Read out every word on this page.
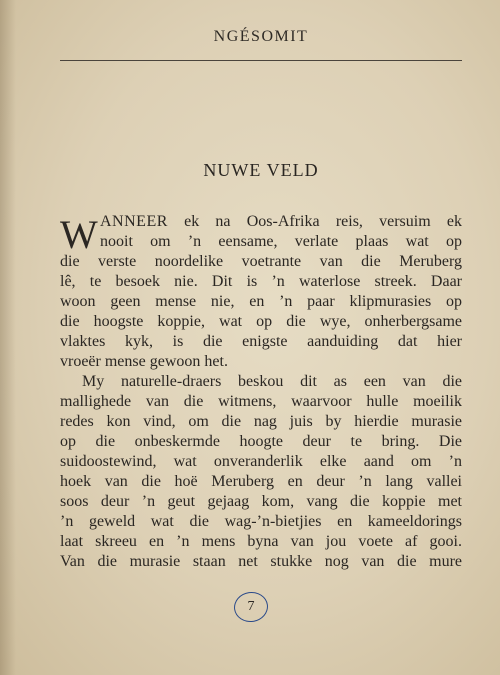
NGÉSOMIT
NUWE VELD
W ANNEER ek na Oos-Afrika reis, versuim ek
nooit om ’n eensame, verlate plaas wat op
die verste noordelike voetrante van die Meruberg
lê, te besoek nie. Dit is ’n waterlose streek. Daar
woon geen mense nie, en ’n paar klipmurasies op
die hoogste koppie, wat op die wye, onherbergsame
vlaktes kyk, is die enigste aanduiding dat hier
vroeër mense gewoon het.
My naturelle-draers beskou dit as een van die
mallighede van die witmens, waarvoor hulle moeilik
redes kon vind, om die nag juis by hierdie murasie
op die onbeskermde hoogte deur te bring. Die
suidoostewind, wat onveranderlik elke aand om ’n
hoek van die hoë Meruberg en deur ’n lang vallei
soos deur ’n geut gejaag kom, vang die koppie met
’n geweld wat die wag-’n-bietjies en kameeldorings
laat skreeu en ’n mens byna van jou voete af gooi.
Van die murasie staan net stukke nog van die mure
7
